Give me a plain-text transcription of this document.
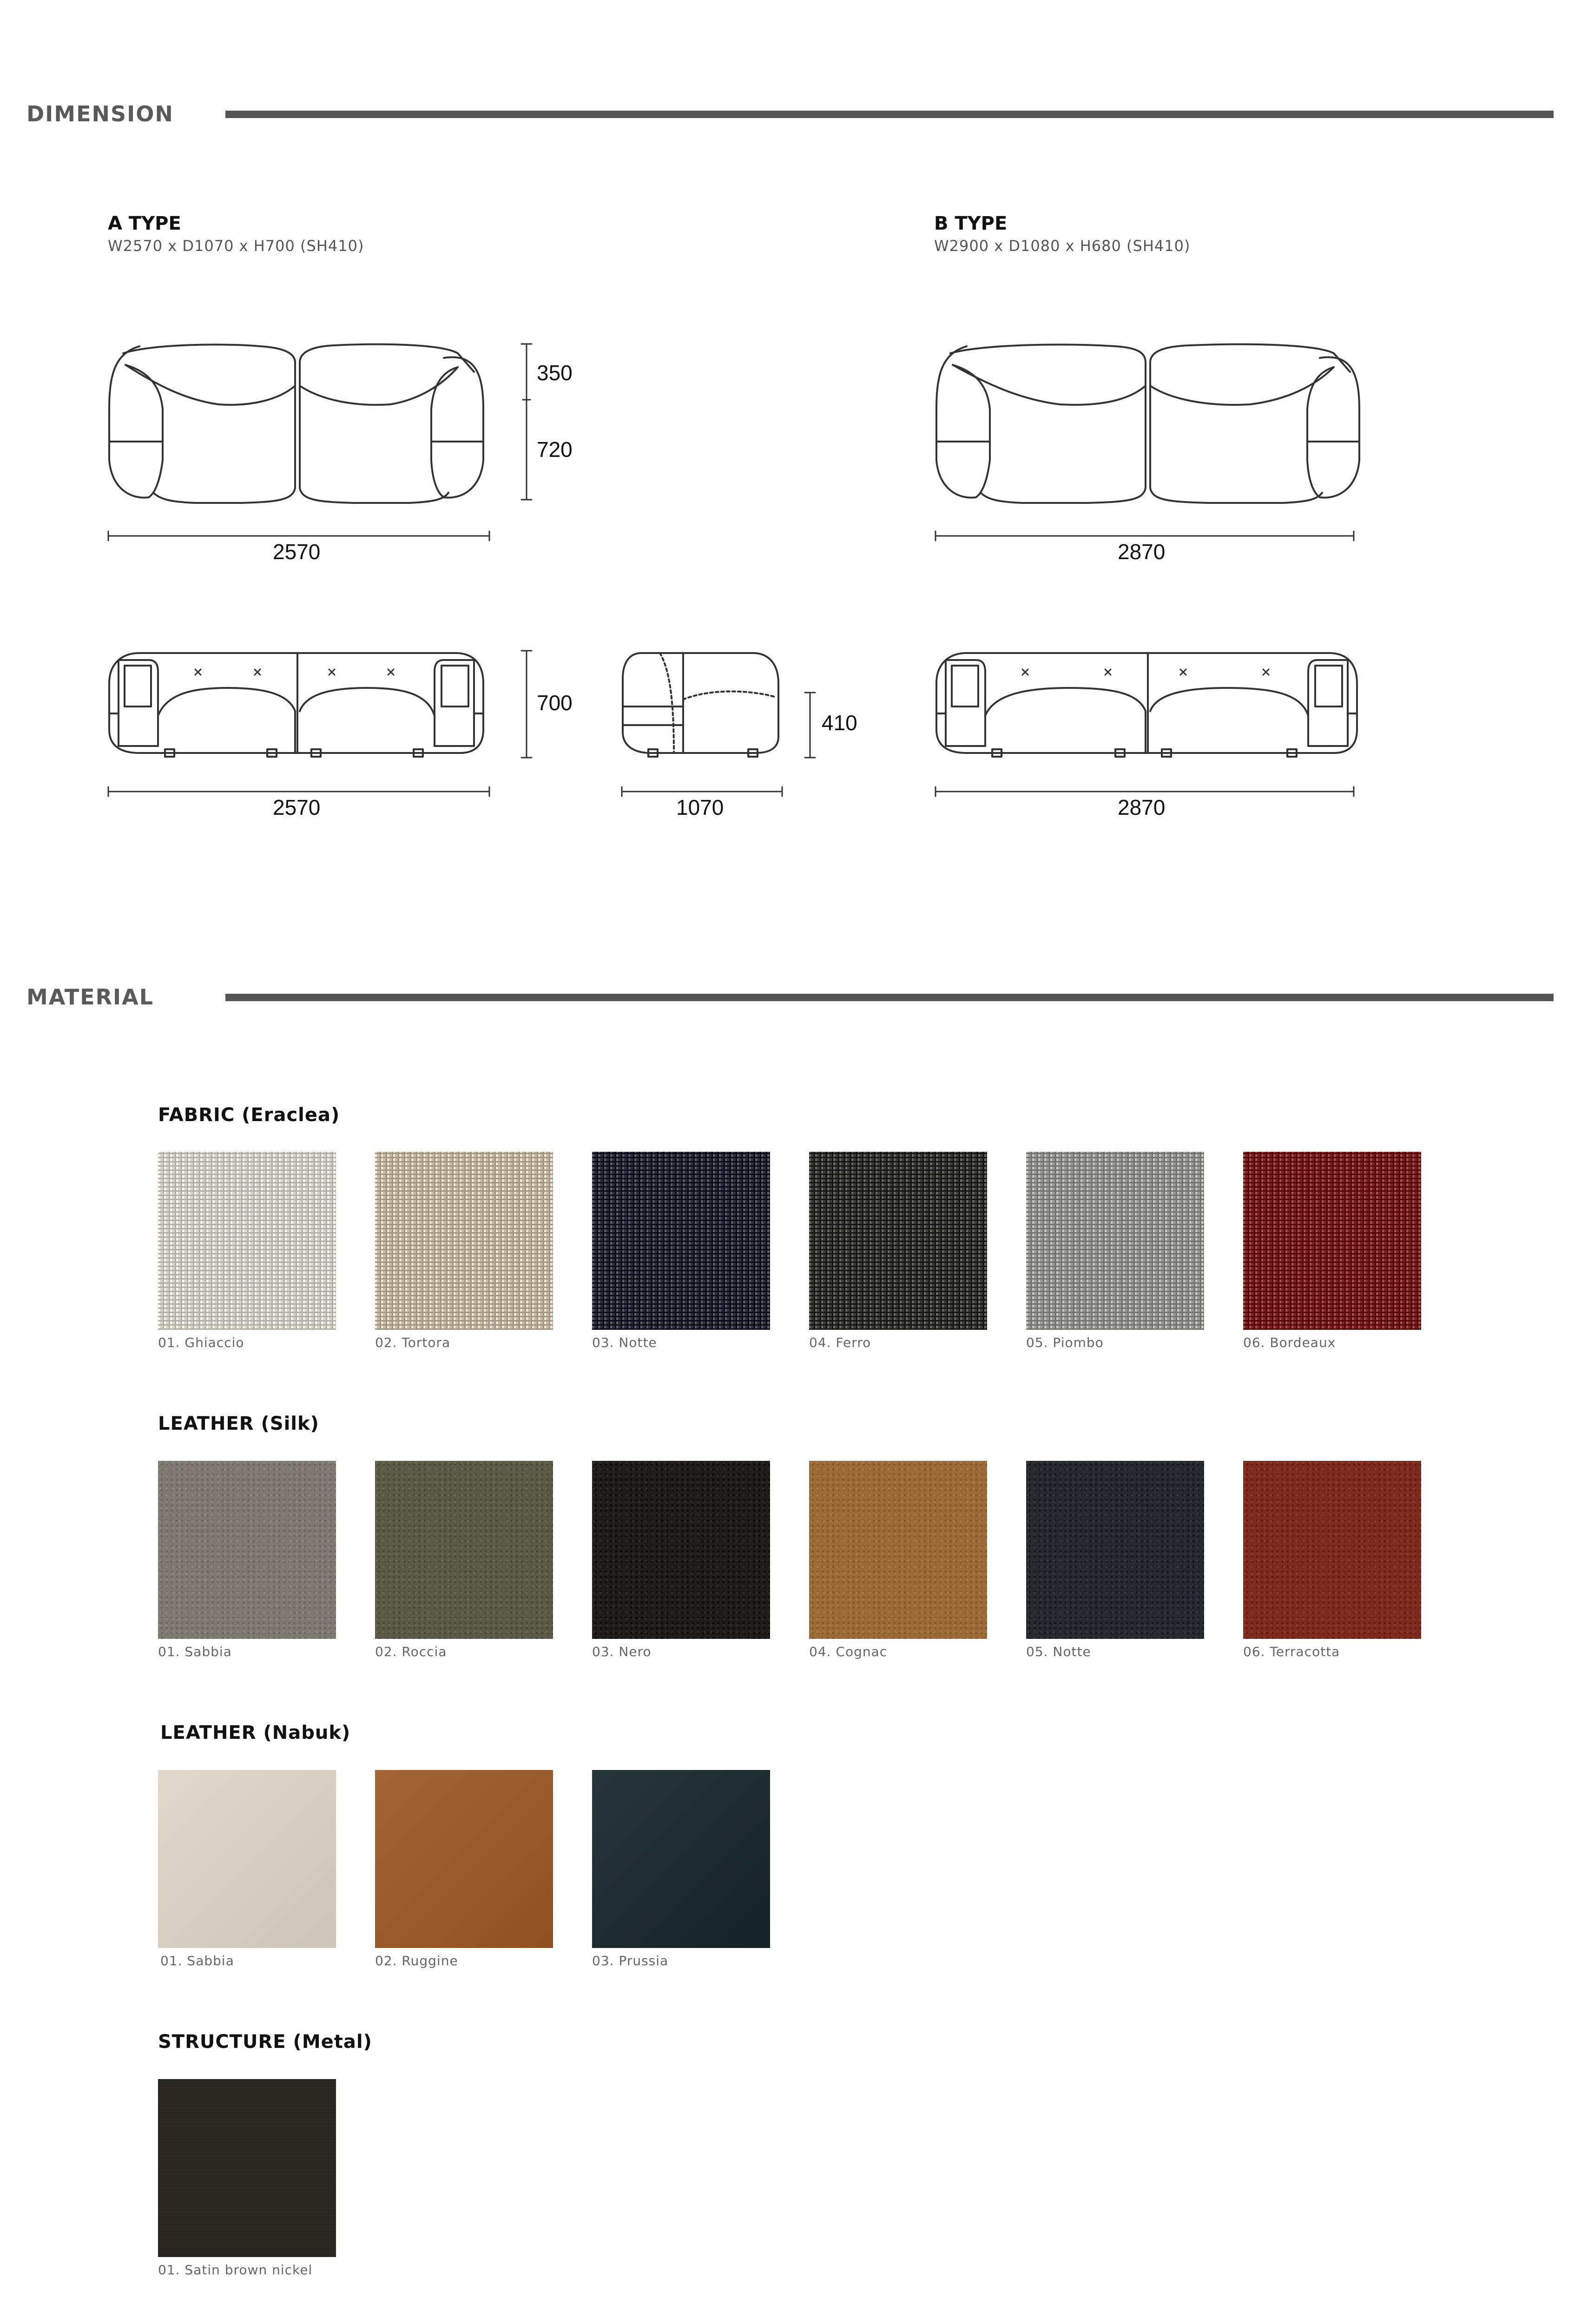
DIMENSION
A TYPE
W2570 x D1070 x H700 (SH410)
B TYPE
W2900 x D1080 x H680 (SH410)
350
720
2570	2870
700
410
2570	1070	2870
MATERIAL
FABRIC (Eraclea)
01. Ghiaccio	02. Tortora	03. Notte	04. Ferro	05. Piombo	06. Bordeaux
LEATHER (Silk)
01. Sabbia	02. Roccia	03. Nero	04. Cognac	05. Notte	06. Terracotta
LEATHER (Nabuk)
01. Sabbia	02. Ruggine	03. Prussia
STRUCTURE (Metal)
01. Satin brown nickel
